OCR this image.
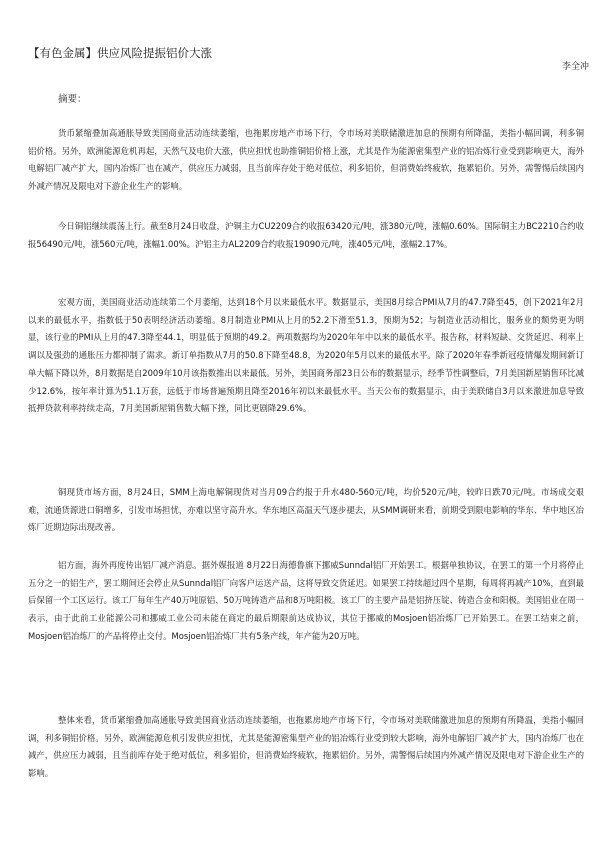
【有色金属】供应风险提振铝价大涨
李全冲
摘要：

货币紧缩叠加高通胀导致美国商业活动连续萎缩，也拖累房地产市场下行，令市场对美联储激进加息的预期有所降温，美指小幅回调，利多铜铝价格。另外，欧洲能源危机再起，天然气及电价大涨，供应担忧也助推铜铝价格上涨，尤其是作为能源密集型产业的铝冶炼行业受到影响更大，海外电解铝厂减产扩大，国内冶炼厂也在减产，供应压力减弱，且当前库存处于绝对低位，利多铝价，但消费始终疲软，拖累铝价。另外，需警惕后续国内外减产情况及限电对下游企业生产的影响。

今日铜铝继续震荡上行。截至8月24日收盘，沪铜主力CU2209合约收报63420元/吨，涨380元/吨，涨幅0.60%。国际铜主力BC2210合约收报56490元/吨，涨560元/吨，涨幅1.00%。沪铝主力AL2209合约收报19090元/吨，涨405元/吨，涨幅2.17%。

宏观方面，美国商业活动连续第二个月萎缩，达到18个月以来最低水平。数据显示，美国8月综合PMI从7月的47.7降至45，创下2021年2月以来的最低水平，指数低于50表明经济活动萎缩。8月制造业PMI从上月的52.2下滑至51.3，预期为52；与制造业活动相比，服务业的颓势更为明显，该行业的PMI从上月的47.3降至44.1，明显低于预期的49.2。两项数据均为2020年年中以来的最低水平。报告称，材料短缺、交货延迟、利率上调以及强劲的通胀压力都抑制了需求。新订单指数从7月的50.8下降至48.8，为2020年5月以来的最低水平。除了2020年春季新冠疫情爆发期间新订单大幅下降以外，8月数据是自2009年10月该指数推出以来最低。另外，美国商务部23日公布的数据显示，经季节性调整后，7月美国新屋销售环比减少12.6%，按年率计算为51.1万套，远低于市场普遍预期且降至2016年初以来最低水平。当天公布的数据显示，由于美联储自3月以来激进加息导致抵押贷款利率持续走高，7月美国新屋销售数大幅下挫，同比更剧降29.6%。

铜现货市场方面，8月24日，SMM上海电解铜现货对当月09合约报于升水480-560元/吨，均价520元/吨，较昨日跌70元/吨。市场成交艰难，流通货源进口铜增多，引发市场担忧，亦难以坚守高升水。华东地区高温天气逐步褪去，从SMM调研来看，前期受到限电影响的华东、华中地区冶炼厂近期边际出现改善。

铝方面，海外再度传出铝厂减产消息。据外媒报道 8月22日海德鲁旗下挪威Sunndal铝厂开始罢工。根据单独协议，在罢工的第一个月将停止五分之一的铝生产，罢工期间还会停止从Sunndal铝厂向客户运送产品，这将导致交货延迟。如果罢工持续超过四个星期，每周将再减产10%，直到最后保留一个工区运行。该工厂每年生产40万吨原铝、50万吨铸造产品和8万吨阳极。该工厂的主要产品是铝挤压锭、铸造合金和阳极。美国铝业在周一表示，由于此前工业能源公司和挪威工业公司未能在商定的最后期限前达成协议，其位于挪威的Mosjoen铝冶炼厂已开始罢工。在罢工结束之前，Mosjoen铝冶炼厂的产品将停止交付。Mosjoen铝冶炼厂共有5条产线，年产能为20万吨。

整体来看，货币紧缩叠加高通胀导致美国商业活动连续萎缩，也拖累房地产市场下行，令市场对美联储激进加息的预期有所降温，美指小幅回调，利多铜铝价格。另外，欧洲能源危机引发供应担忧，尤其是能源密集型产业的铝冶炼行业受到较大影响，海外电解铝厂减产扩大，国内冶炼厂也在减产，供应压力减弱，且当前库存处于绝对低位，利多铝价，但消费始终疲软，拖累铝价。另外，需警惕后续国内外减产情况及限电对下游企业生产的影响。
